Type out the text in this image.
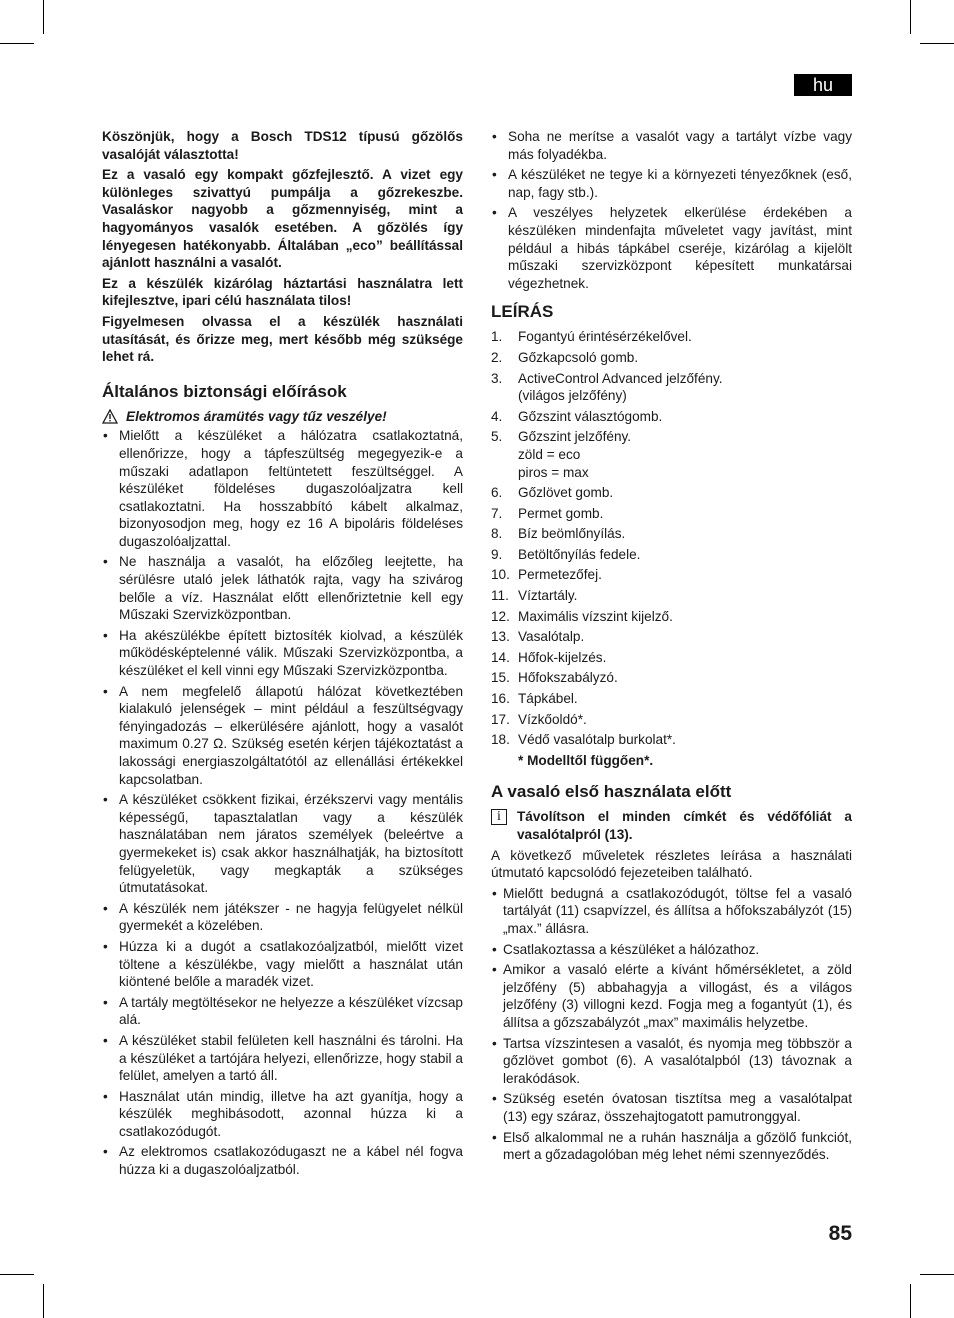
hu

Köszönjük, hogy a Bosch TDS12 típusú gőzölős vasalóját választotta!

Ez a vasaló egy kompakt gőzfejlesztő. A vizet egy különleges szivattyú pumpálja a gőzrekeszbe. Vasaláskor nagyobb a gőzmennyiség, mint a hagyományos vasalók esetében. A gőzölés így lényegesen hatékonyabb. Általában „eco” beállítással ajánlott használni a vasalót.

Ez a készülék kizárólag háztartási használatra lett kifejlesztve, ipari célú használata tilos!

Figyelmesen olvassa el a készülék használati utasítását, és őrizze meg, mert később még szüksége lehet rá.

Általános biztonsági előírások
Elektromos áramütés vagy tűz veszélye!
• Mielőtt a készüléket a hálózatra csatlakoztatná, ellenőrizze, hogy a tápfeszültség megegyezik-e a műszaki adatlapon feltüntetett feszültséggel. A készüléket földeléses dugaszolóaljzatra kell csatlakoztatni. Ha hosszabbító kábelt alkalmaz, bizonyosodjon meg, hogy ez 16 A bipoláris földeléses dugaszolóaljzattal.
• Ne használja a vasalót, ha előzőleg leejtette, ha sérülésre utaló jelek láthatók rajta, vagy ha szivárog belőle a víz. Használat előtt ellenőriztetnie kell egy Műszaki Szervizközpontban.
• Ha akészülékbe épített biztosíték kiolvad, a készülék működésképtelenné válik. Műszaki Szervizközpontba, a készüléket el kell vinni egy Műszaki Szervizközpontba.
• A nem megfelelő állapotú hálózat következtében kialakuló jelenségek – mint például a feszültségvagy fényingadozás – elkerülésére ajánlott, hogy a vasalót maximum 0.27 Ω. Szükség esetén kérjen tájékoztatást a lakossági energiaszolgáltatótól az ellenállási értékekkel kapcsolatban.
• A készüléket csökkent fizikai, érzékszervi vagy mentális képességű, tapasztalatlan vagy a készülék használatában nem járatos személyek (beleértve a gyermekeket is) csak akkor használhatják, ha biztosított felügyeletük, vagy megkapták a szükséges útmutatásokat.
• A készülék nem játékszer - ne hagyja felügyelet nélkül gyermekét a közelében.
• Húzza ki a dugót a csatlakozóaljzatból, mielőtt vizet töltene a készülékbe, vagy mielőtt a használat után kiöntené belőle a maradék vizet.
• A tartály megtöltésekor ne helyezze a készüléket vízcsap alá.
• A készüléket stabil felületen kell használni és tárolni. Ha a készüléket a tartójára helyezi, ellenőrizze, hogy stabil a felület, amelyen a tartó áll.
• Használat után mindig, illetve ha azt gyanítja, hogy a készülék meghibásodott, azonnal húzza ki a csatlakozódugót.
• Az elektromos csatlakozódugaszt ne a kábel nél fogva húzza ki a dugaszolóaljzatból.
• Soha ne merítse a vasalót vagy a tartályt vízbe vagy más folyadékba.
• A készüléket ne tegye ki a környezeti tényezőknek (eső, nap, fagy stb.).
• A veszélyes helyzetek elkerülése érdekében a készüléken mindenfajta műveletet vagy javítást, mint például a hibás tápkábel cseréje, kizárólag a kijelölt műszaki szervizközpont képesített munkatársai végezhetnek.
LEÍRÁS
1.	Fogantyú érintésérzékelővel.
2.	Gőzkapcsoló gomb.
3.	ActiveControl Advanced jelzőfény.
(világos jelzőfény)
4.	Gőzszint választógomb.
5.	Gőzszint jelzőfény.
zöld = eco
piros = max
6.	Gőzlövet gomb.
7.	Permet gomb.
8.	Bíz beömlőnyílás.
9.	Betöltőnyílás fedele.
10. Permetezőfej.
11. Víztartály.
12. Maximális vízszint kijelző.
13. Vasalótalp.
14. Hőfok-kijelzés.
15. Hőfokszabályzó.
16. Tápkábel.
17. Vízkőoldó*.
18. Védő vasalótalp burkolat*.
* Modelltől függően*.
A vasaló első használata előtt
i	Távolítson el minden címkét és védőfóliát a vasalótalpról (13).

A következő műveletek részletes leírása a használati útmutató kapcsolódó fejezeteiben található.

• Mielőtt bedugná a csatlakozódugót, töltse fel a vasaló tartályát (11) csapvízzel, és állítsa a hőfokszabályzót (15) „max.” állásra.
• Csatlakoztassa a készüléket a hálózathoz.
• Amikor a vasaló elérte a kívánt hőmérsékletet, a zöld jelzőfény (5) abbahagyja a villogást, és a világos jelzőfény (3) villogni kezd. Fogja meg a fogantyút (1), és állítsa a gőzszabályzót „max” maximális helyzetbe.
• Tartsa vízszintesen a vasalót, és nyomja meg többször a gőzlövet gombot (6). A vasalótalpból (13) távoznak a lerakódások.
• Szükség esetén óvatosan tisztítsa meg a vasalótalpat (13) egy száraz, összehajtogatott pamutronggyal.
• Első alkalommal ne a ruhán használja a gőzölő funkciót, mert a gőzadagolóban még lehet némi szennyeződés.
85
